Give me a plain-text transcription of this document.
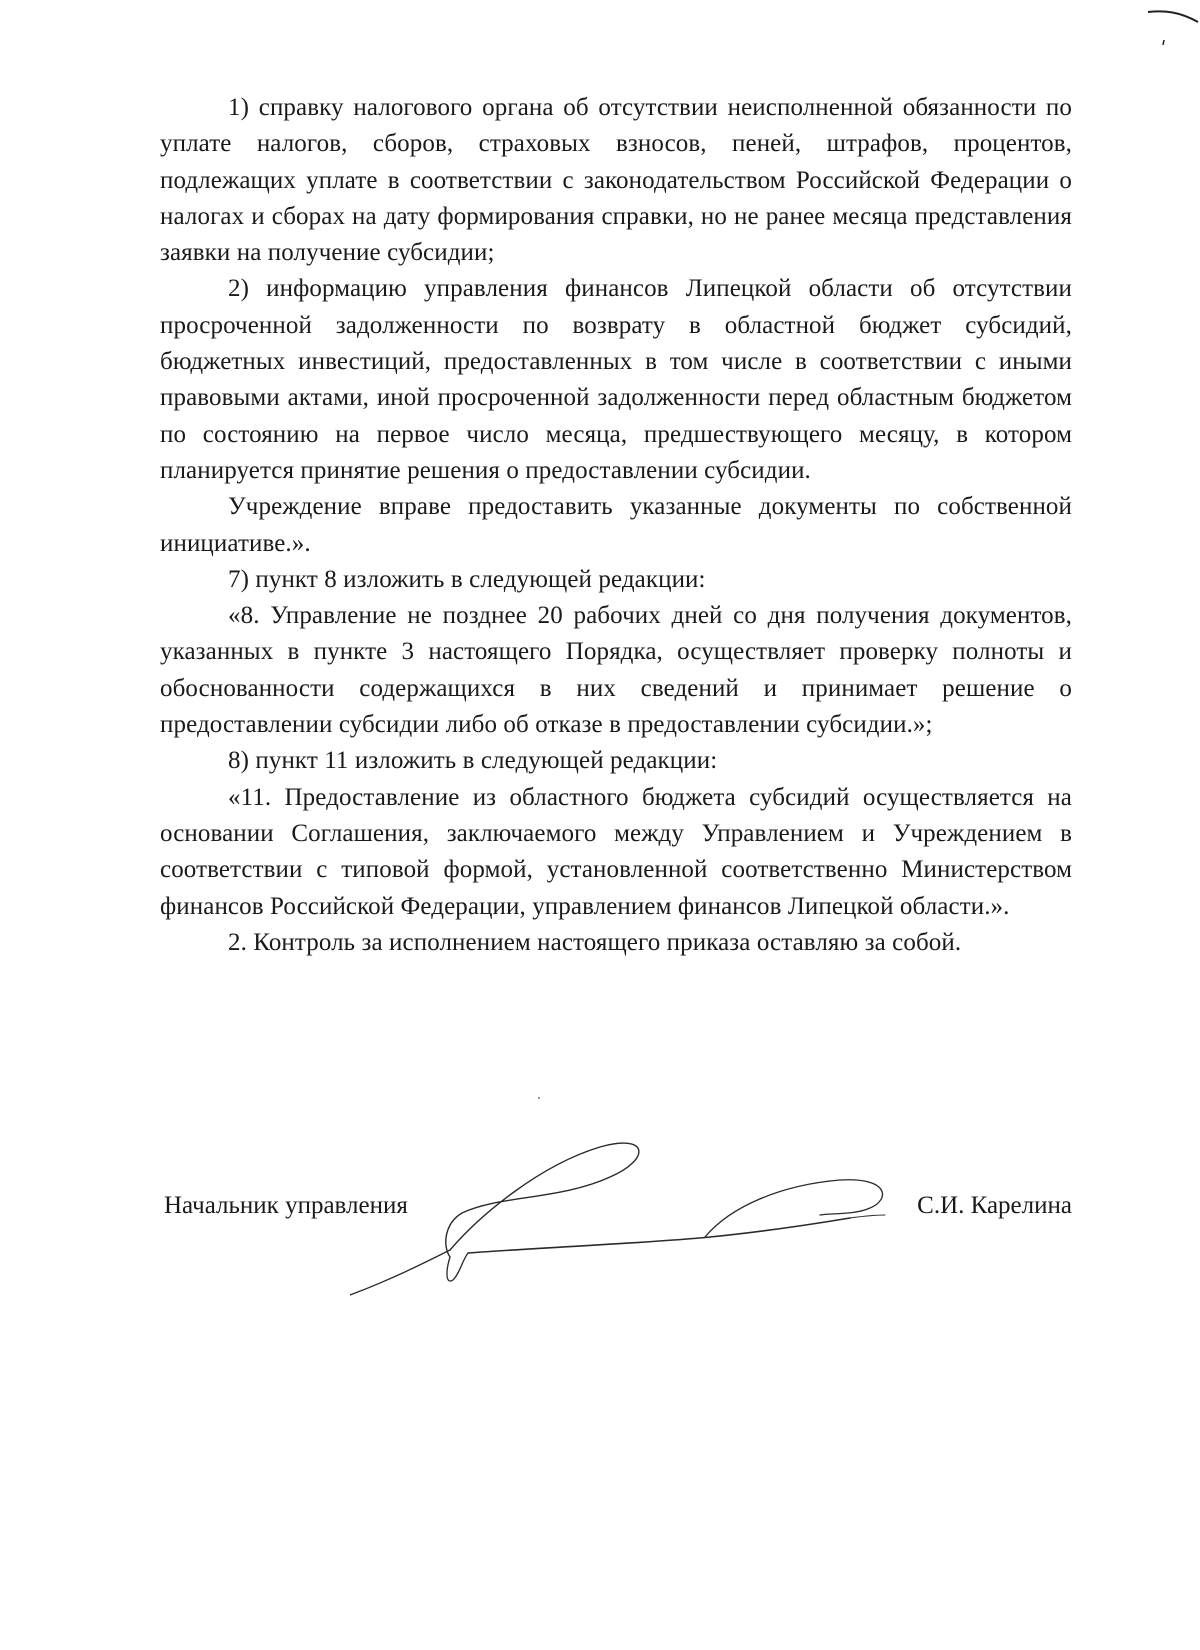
1) справку налогового органа об отсутствии неисполненной обязанности по уплате налогов, сборов, страховых взносов, пеней, штрафов, процентов, подлежащих уплате в соответствии с законодательством Российской Федерации о налогах и сборах на дату формирования справки, но не ранее месяца представления заявки на получение субсидии;

2) информацию управления финансов Липецкой области об отсутствии просроченной задолженности по возврату в областной бюджет субсидий, бюджетных инвестиций, предоставленных в том числе в соответствии с иными правовыми актами, иной просроченной задолженности перед областным бюджетом по состоянию на первое число месяца, предшествующего месяцу, в котором планируется принятие решения о предоставлении субсидии.

Учреждение вправе предоставить указанные документы по собственной инициативе.».

7) пункт 8 изложить в следующей редакции:

«8. Управление не позднее 20 рабочих дней со дня получения документов, указанных в пункте 3 настоящего Порядка, осуществляет проверку полноты и обоснованности содержащихся в них сведений и принимает решение о предоставлении субсидии либо об отказе в предоставлении субсидии.»;

8) пункт 11 изложить в следующей редакции:

«11. Предоставление из областного бюджета субсидий осуществляется на основании Соглашения, заключаемого между Управлением и Учреждением в соответствии с типовой формой, установленной соответственно Министерством финансов Российской Федерации, управлением финансов Липецкой области.».

2. Контроль за исполнением настоящего приказа оставляю за собой.

Начальник управления	С.И. Карелина
